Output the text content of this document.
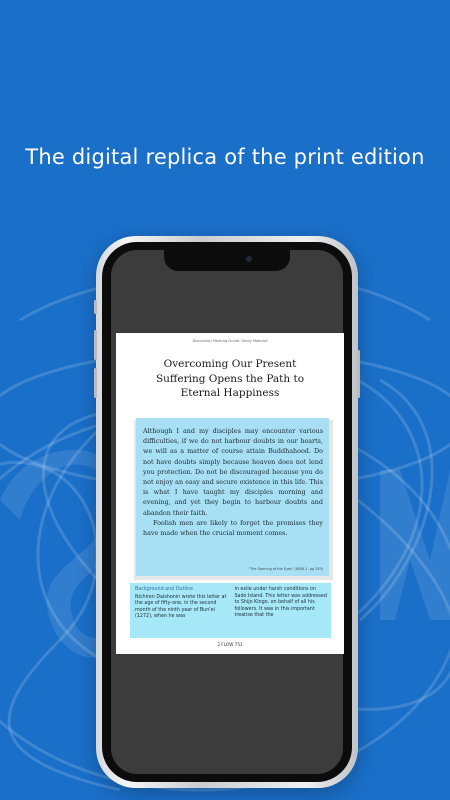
The digital replica of the print edition
Discussion Meeting Guide: Study Material
Overcoming Our Present
Suffering Opens the Path to
Eternal Happiness

Although I and my disciples may encounter various difficulties, if we do not harbour doubts in our hearts, we will as a matter of course attain Buddhahood. Do not have doubts simply because heaven does not lend you protection. Do not be discouraged because you do not enjoy an easy and secure existence in this life. This is what I have taught my disciples morning and evening, and yet they begin to harbour doubts and abandon their faith.

Foolish men are likely to forget the promises they have made when the crucial moment comes.

"The Opening of the Eyes" (WND-1, pg 283)
Background and Outline
Nichiren Daishonin wrote this letter at the age of fifty-one, in the second month of the ninth year of Bun'ei (1272), when he was
in exile under harsh conditions on Sado Island. This letter was addressed to Shijo Kingo, on behalf of all his followers. It was in this important treatise that the
2 FLOW 751
